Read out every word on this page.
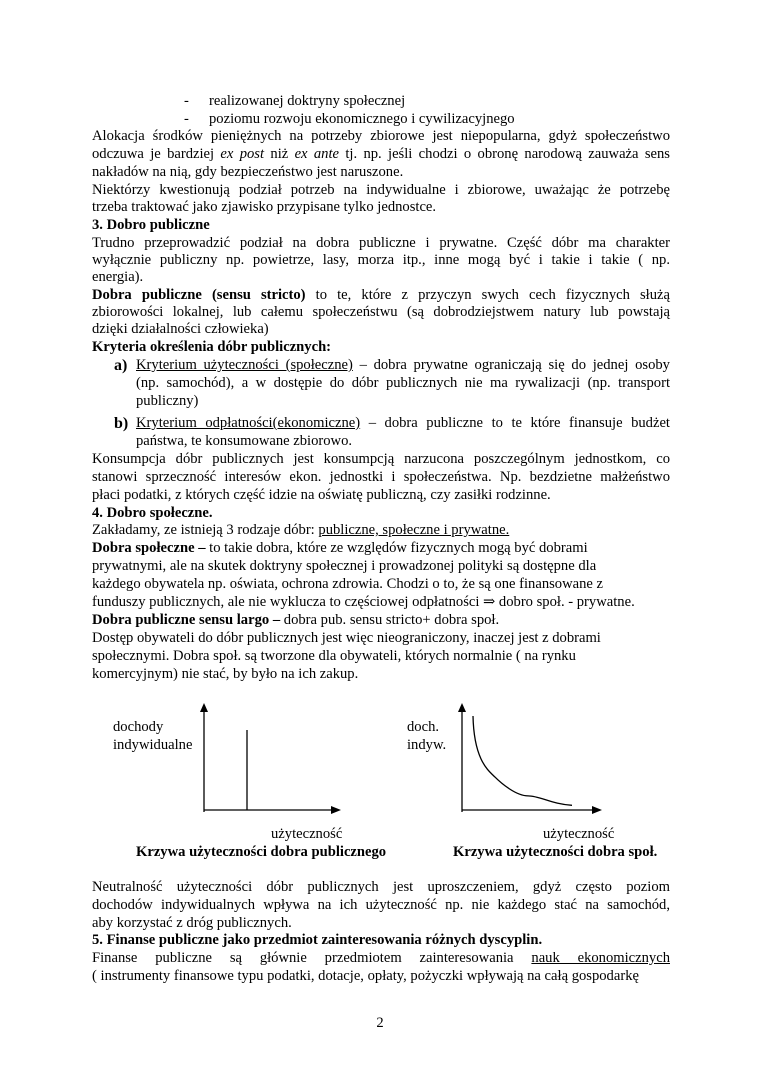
- realizowanej doktryny społecznej

- poziomu rozwoju ekonomicznego i cywilizacyjnego

Alokacja środków pieniężnych na potrzeby zbiorowe jest niepopularna, gdyż społeczeństwo

odczuwa je bardziej ex post niż ex ante tj. np. jeśli chodzi o obronę narodową zauważa sens

nakładów na nią, gdy bezpieczeństwo jest naruszone.

Niektórzy kwestionują podział potrzeb na indywidualne i zbiorowe, uważając że potrzebę

trzeba traktować jako zjawisko przypisane tylko jednostce.

3. Dobro publiczne

Trudno przeprowadzić podział na dobra publiczne i prywatne. Część dóbr ma charakter

wyłącznie publiczny np. powietrze, lasy, morza itp., inne mogą być i takie i takie ( np.

energia).

Dobra publiczne (sensu stricto) to te, które z przyczyn swych cech fizycznych służą

zbiorowości lokalnej, lub całemu społeczeństwu (są dobrodziejstwem natury lub powstają

dzięki działalności człowieka)

Kryteria określenia dóbr publicznych:

a) Kryterium użyteczności (społeczne) – dobra prywatne ograniczają się do jednej osoby

(np. samochód), a w dostępie do dóbr publicznych nie ma rywalizacji (np. transport

publiczny)

b) Kryterium odpłatności(ekonomiczne) – dobra publiczne to te które finansuje budżet

państwa, te konsumowane zbiorowo.

Konsumpcja dóbr publicznych jest konsumpcją narzucona poszczególnym jednostkom, co

stanowi sprzeczność interesów ekon. jednostki i społeczeństwa. Np. bezdzietne małżeństwo

płaci podatki, z których część idzie na oświatę publiczną, czy zasiłki rodzinne.

4. Dobro społeczne.

Zakładamy, ze istnieją 3 rodzaje dóbr: publiczne, społeczne i prywatne.

Dobra społeczne – to takie dobra, które ze względów fizycznych mogą być dobrami

prywatnymi, ale na skutek doktryny społecznej i prowadzonej polityki są dostępne dla

każdego obywatela np. oświata, ochrona zdrowia. Chodzi o to, że są one finansowane z

funduszy publicznych, ale nie wyklucza to częściowej odpłatności ⇒ dobro społ. - prywatne.

Dobra publiczne sensu largo – dobra pub. sensu stricto+ dobra społ.

Dostęp obywateli do dóbr publicznych jest więc nieograniczony, inaczej jest z dobrami

społecznymi. Dobra społ. są tworzone dla obywateli, których normalnie ( na rynku

komercyjnym) nie stać, by było na ich zakup.

dochody
indywidualne
użyteczność
Krzywa użyteczności dobra publicznego
doch.
indyw.
użyteczność
Krzywa użyteczności dobra społ.

Neutralność użyteczności dóbr publicznych jest uproszczeniem, gdyż często poziom

dochodów indywidualnych wpływa na ich użyteczność np. nie każdego stać na samochód,

aby korzystać z dróg publicznych.

5. Finanse publiczne jako przedmiot zainteresowania różnych dyscyplin.

Finanse publiczne są głównie przedmiotem zainteresowania nauk ekonomicznych

( instrumenty finansowe typu podatki, dotacje, opłaty, pożyczki wpływają na całą gospodarkę

2
